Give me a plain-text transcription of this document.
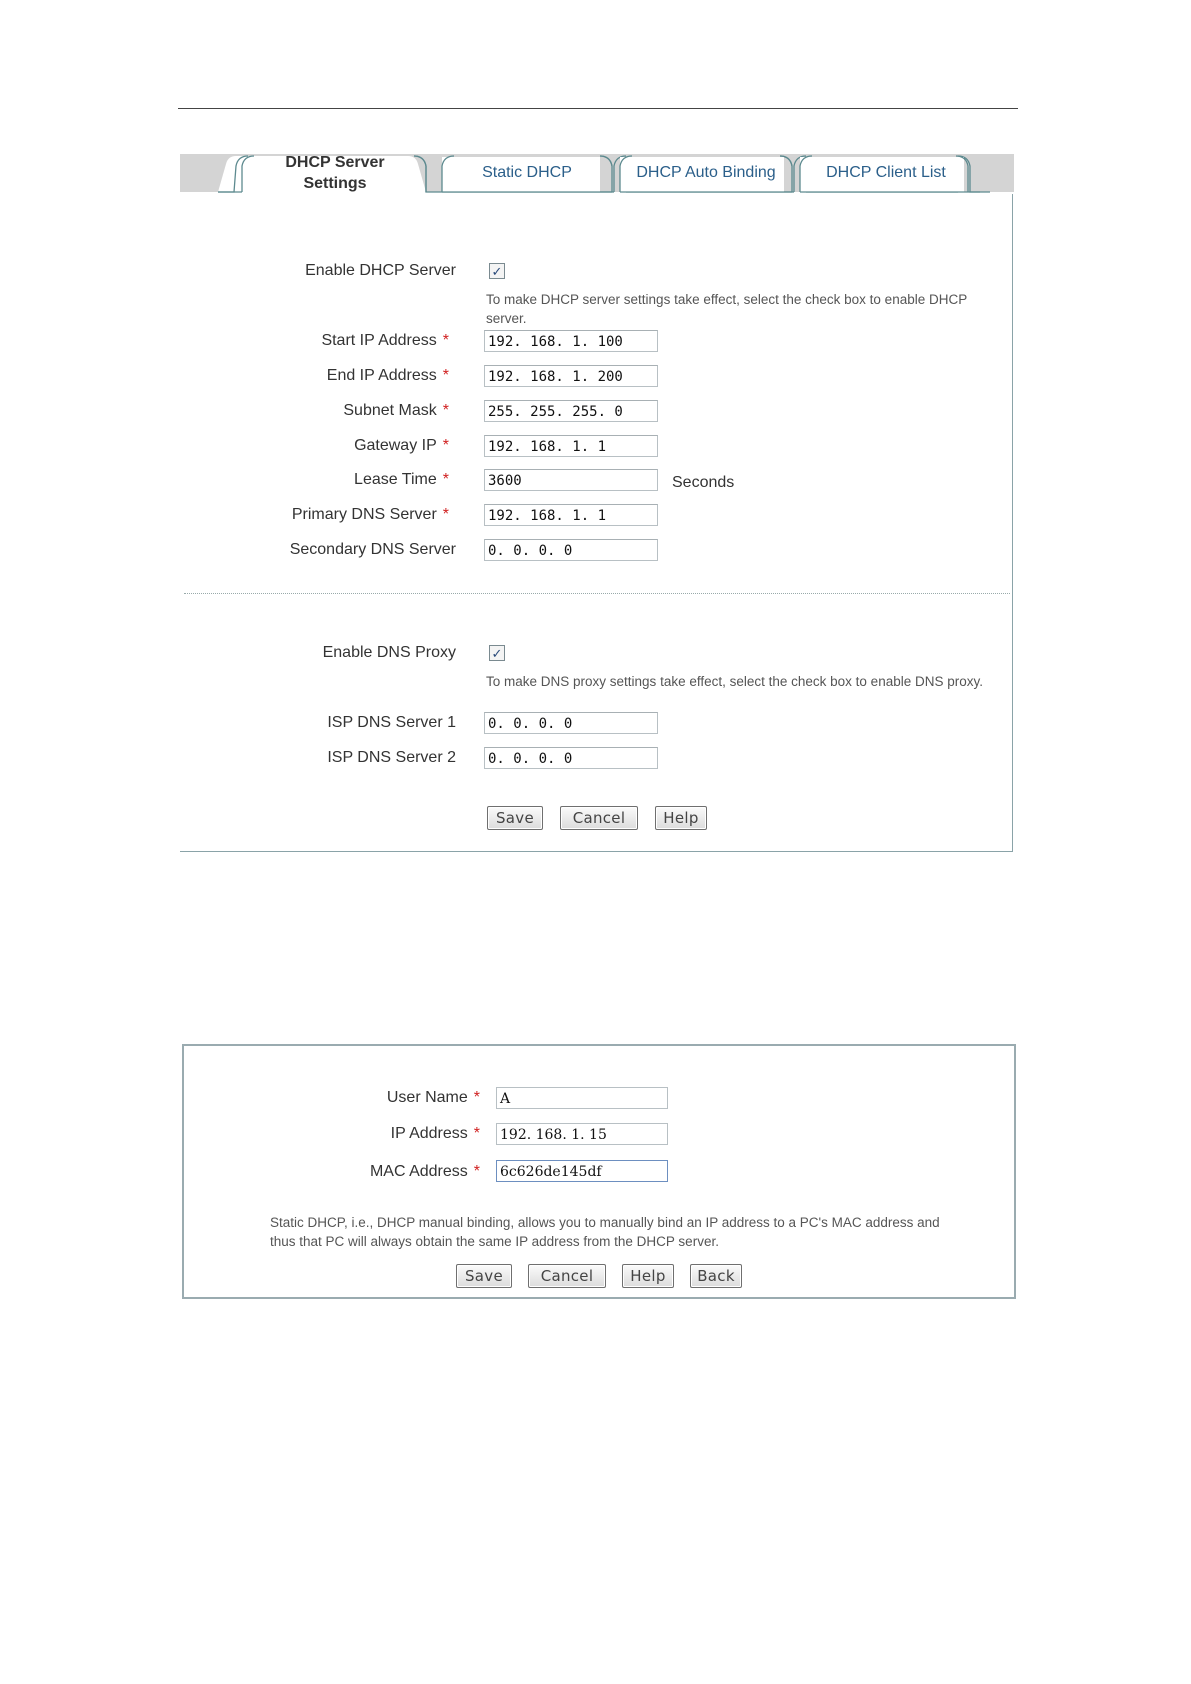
DHCP Server
Settings
Static DHCP	DHCP Auto Binding	DHCP Client List
Enable DHCP Server	✓
To make DHCP server settings take effect, select the check box to enable DHCP server.
Start IP Address *	192. 168. 1. 100
End IP Address *	192. 168. 1. 200
Subnet Mask *	255. 255. 255. 0
Gateway IP *	192. 168. 1. 1
Lease Time *	3600	Seconds
Primary DNS Server *	192. 168. 1. 1
Secondary DNS Server 0. 0. 0. 0
Enable DNS Proxy	✓
To make DNS proxy settings take effect, select the check box to enable DNS proxy.
ISP DNS Server 1 0. 0. 0. 0
ISP DNS Server 2 0. 0. 0. 0
Save	Cancel	Help
User Name * A
IP Address * 192. 168. 1. 15
MAC Address * 6c626de145df
Static DHCP, i.e., DHCP manual binding, allows you to manually bind an IP address to a PC's MAC address and thus that PC will always obtain the same IP address from the DHCP server.
Save	Cancel	Help	Back
